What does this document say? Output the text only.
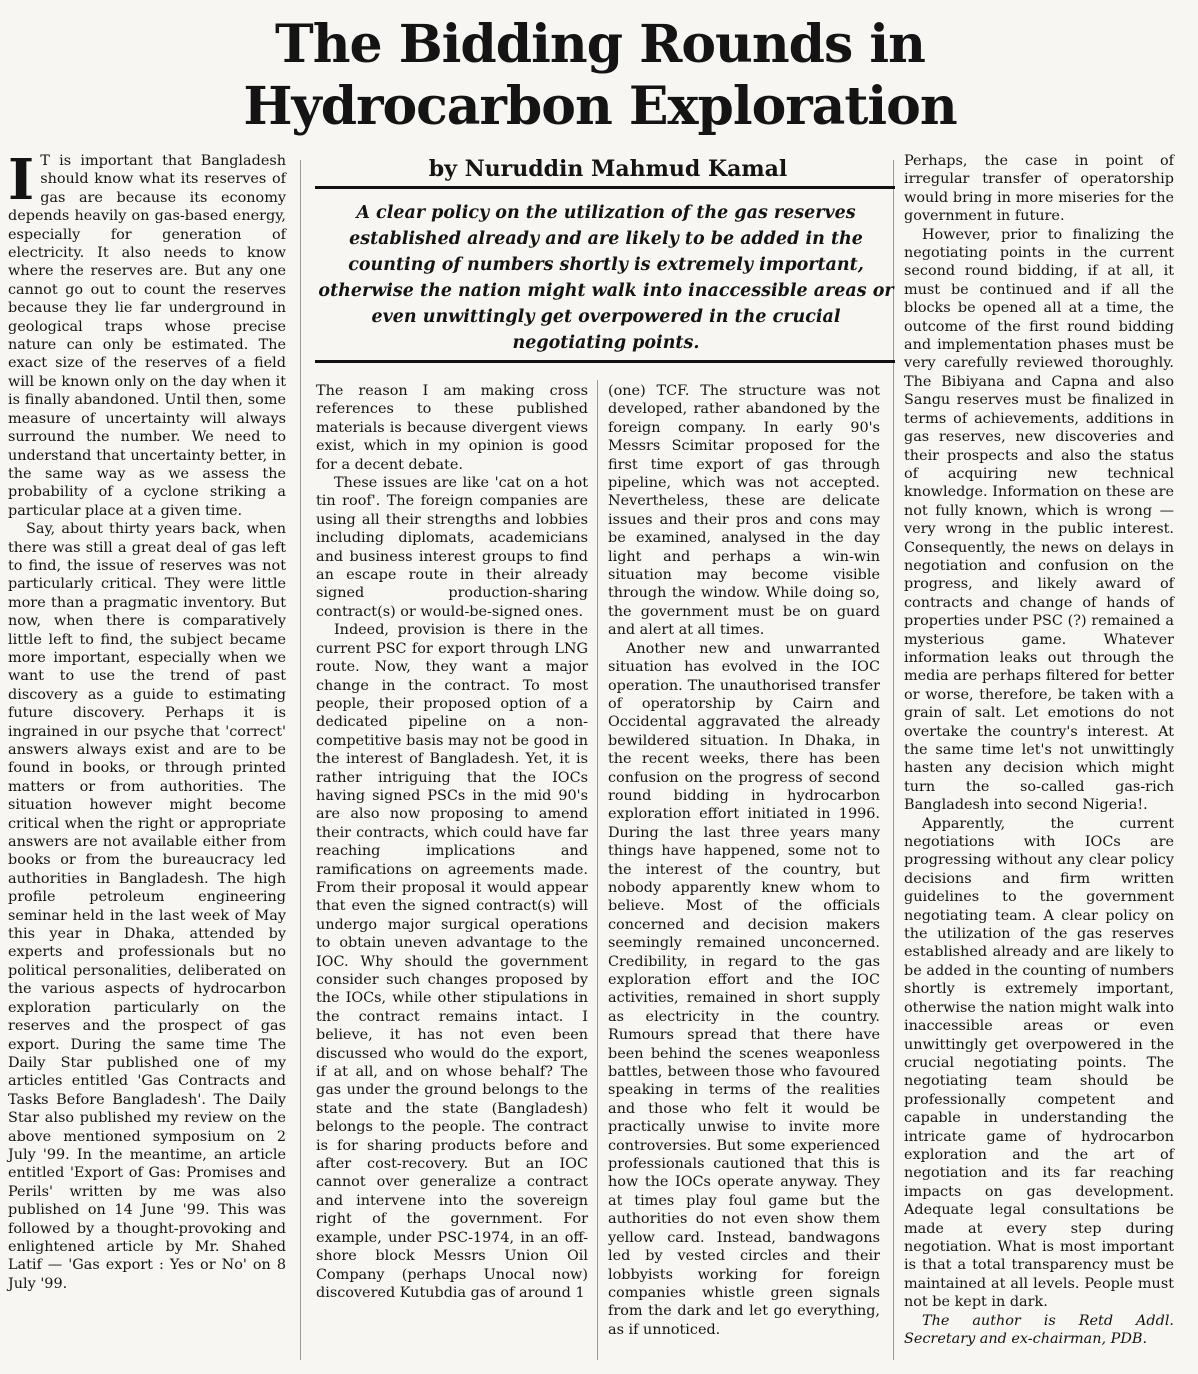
The Bidding Rounds in Hydrocarbon Exploration

I T is important that Bangladesh should know what its reserves of gas are because its economy depends heavily on gas-based energy, especially for generation of electricity. It also needs to know where the reserves are. But any one cannot go out to count the reserves because they lie far underground in geological traps whose precise nature can only be estimated. The exact size of the reserves of a field will be known only on the day when it is finally abandoned. Until then, some measure of uncertainty will always surround the number. We need to understand that uncertainty better, in the same way as we assess the probability of a cyclone striking a particular place at a given time.

Say, about thirty years back, when there was still a great deal of gas left to find, the issue of reserves was not particularly critical. They were little more than a pragmatic inventory. But now, when there is comparatively little left to find, the subject became more important, especially when we want to use the trend of past discovery as a guide to estimating future discovery. Perhaps it is ingrained in our psyche that 'correct' answers always exist and are to be found in books, or through printed matters or from authorities. The situation however might become critical when the right or appropriate answers are not available either from books or from the bureaucracy led authorities in Bangladesh. The high profile petroleum engineering seminar held in the last week of May this year in Dhaka, attended by experts and professionals but no political personalities, deliberated on the various aspects of hydrocarbon exploration particularly on the reserves and the prospect of gas export. During the same time The Daily Star published one of my articles entitled 'Gas Contracts and Tasks Before Bangladesh'. The Daily Star also published my review on the above mentioned symposium on 2 July '99. In the meantime, an article entitled 'Export of Gas: Promises and Perils' written by me was also published on 14 June '99. This was followed by a thought-provoking and enlightened article by Mr. Shahed Latif — 'Gas export : Yes or No' on 8 July '99.

by Nuruddin Mahmud Kamal

A clear policy on the utilization of the gas reserves established already and are likely to be added in the counting of numbers shortly is extremely important, otherwise the nation might walk into inaccessible areas or even unwittingly get overpowered in the crucial negotiating points.

The reason I am making cross references to these published materials is because divergent views exist, which in my opinion is good for a decent debate.

These issues are like 'cat on a hot tin roof'. The foreign companies are using all their strengths and lobbies including diplomats, academicians and business interest groups to find an escape route in their already signed production-sharing contract(s) or would-be-signed ones.

Indeed, provision is there in the current PSC for export through LNG route. Now, they want a major change in the contract. To most people, their proposed option of a dedicated pipeline on a non-competitive basis may not be good in the interest of Bangladesh. Yet, it is rather intriguing that the IOCs having signed PSCs in the mid 90's are also now proposing to amend their contracts, which could have far reaching implications and ramifications on agreements made. From their proposal it would appear that even the signed contract(s) will undergo major surgical operations to obtain uneven advantage to the IOC. Why should the government consider such changes proposed by the IOCs, while other stipulations in the contract remains intact. I believe, it has not even been discussed who would do the export, if at all, and on whose behalf? The gas under the ground belongs to the state and the state (Bangladesh) belongs to the people. The contract is for sharing products before and after cost-recovery. But an IOC cannot over generalize a contract and intervene into the sovereign right of the government. For example, under PSC-1974, in an off-shore block Messrs Union Oil Company (perhaps Unocal now) discovered Kutubdia gas of around 1

(one) TCF. The structure was not developed, rather abandoned by the foreign company. In early 90's Messrs Scimitar proposed for the first time export of gas through pipeline, which was not accepted. Nevertheless, these are delicate issues and their pros and cons may be examined, analysed in the day light and perhaps a win-win situation may become visible through the window. While doing so, the government must be on guard and alert at all times.

Another new and unwarranted situation has evolved in the IOC operation. The unauthorised transfer of operatorship by Cairn and Occidental aggravated the already bewildered situation. In Dhaka, in the recent weeks, there has been confusion on the progress of second round bidding in hydrocarbon exploration effort initiated in 1996. During the last three years many things have happened, some not to the interest of the country, but nobody apparently knew whom to believe. Most of the officials concerned and decision makers seemingly remained unconcerned. Credibility, in regard to the gas exploration effort and the IOC activities, remained in short supply as electricity in the country. Rumours spread that there have been behind the scenes weaponless battles, between those who favoured speaking in terms of the realities and those who felt it would be practically unwise to invite more controversies. But some experienced professionals cautioned that this is how the IOCs operate anyway. They at times play foul game but the authorities do not even show them yellow card. Instead, bandwagons led by vested circles and their lobbyists working for foreign companies whistle green signals from the dark and let go everything, as if unnoticed.

Perhaps, the case in point of irregular transfer of operatorship would bring in more miseries for the government in future.

However, prior to finalizing the negotiating points in the current second round bidding, if at all, it must be continued and if all the blocks be opened all at a time, the outcome of the first round bidding and implementation phases must be very carefully reviewed thoroughly. The Bibiyana and Capna and also Sangu reserves must be finalized in terms of achievements, additions in gas reserves, new discoveries and their prospects and also the status of acquiring new technical knowledge. Information on these are not fully known, which is wrong — very wrong in the public interest. Consequently, the news on delays in negotiation and confusion on the progress, and likely award of contracts and change of hands of properties under PSC (?) remained a mysterious game. Whatever information leaks out through the media are perhaps filtered for better or worse, therefore, be taken with a grain of salt. Let emotions do not overtake the country's interest. At the same time let's not unwittingly hasten any decision which might turn the so-called gas-rich Bangladesh into second Nigeria!.

Apparently, the current negotiations with IOCs are progressing without any clear policy decisions and firm written guidelines to the government negotiating team. A clear policy on the utilization of the gas reserves established already and are likely to be added in the counting of numbers shortly is extremely important, otherwise the nation might walk into inaccessible areas or even unwittingly get overpowered in the crucial negotiating points. The negotiating team should be professionally competent and capable in understanding the intricate game of hydrocarbon exploration and the art of negotiation and its far reaching impacts on gas development. Adequate legal consultations be made at every step during negotiation. What is most important is that a total transparency must be maintained at all levels. People must not be kept in dark.

The author is Retd Addl. Secretary and ex-chairman, PDB.
